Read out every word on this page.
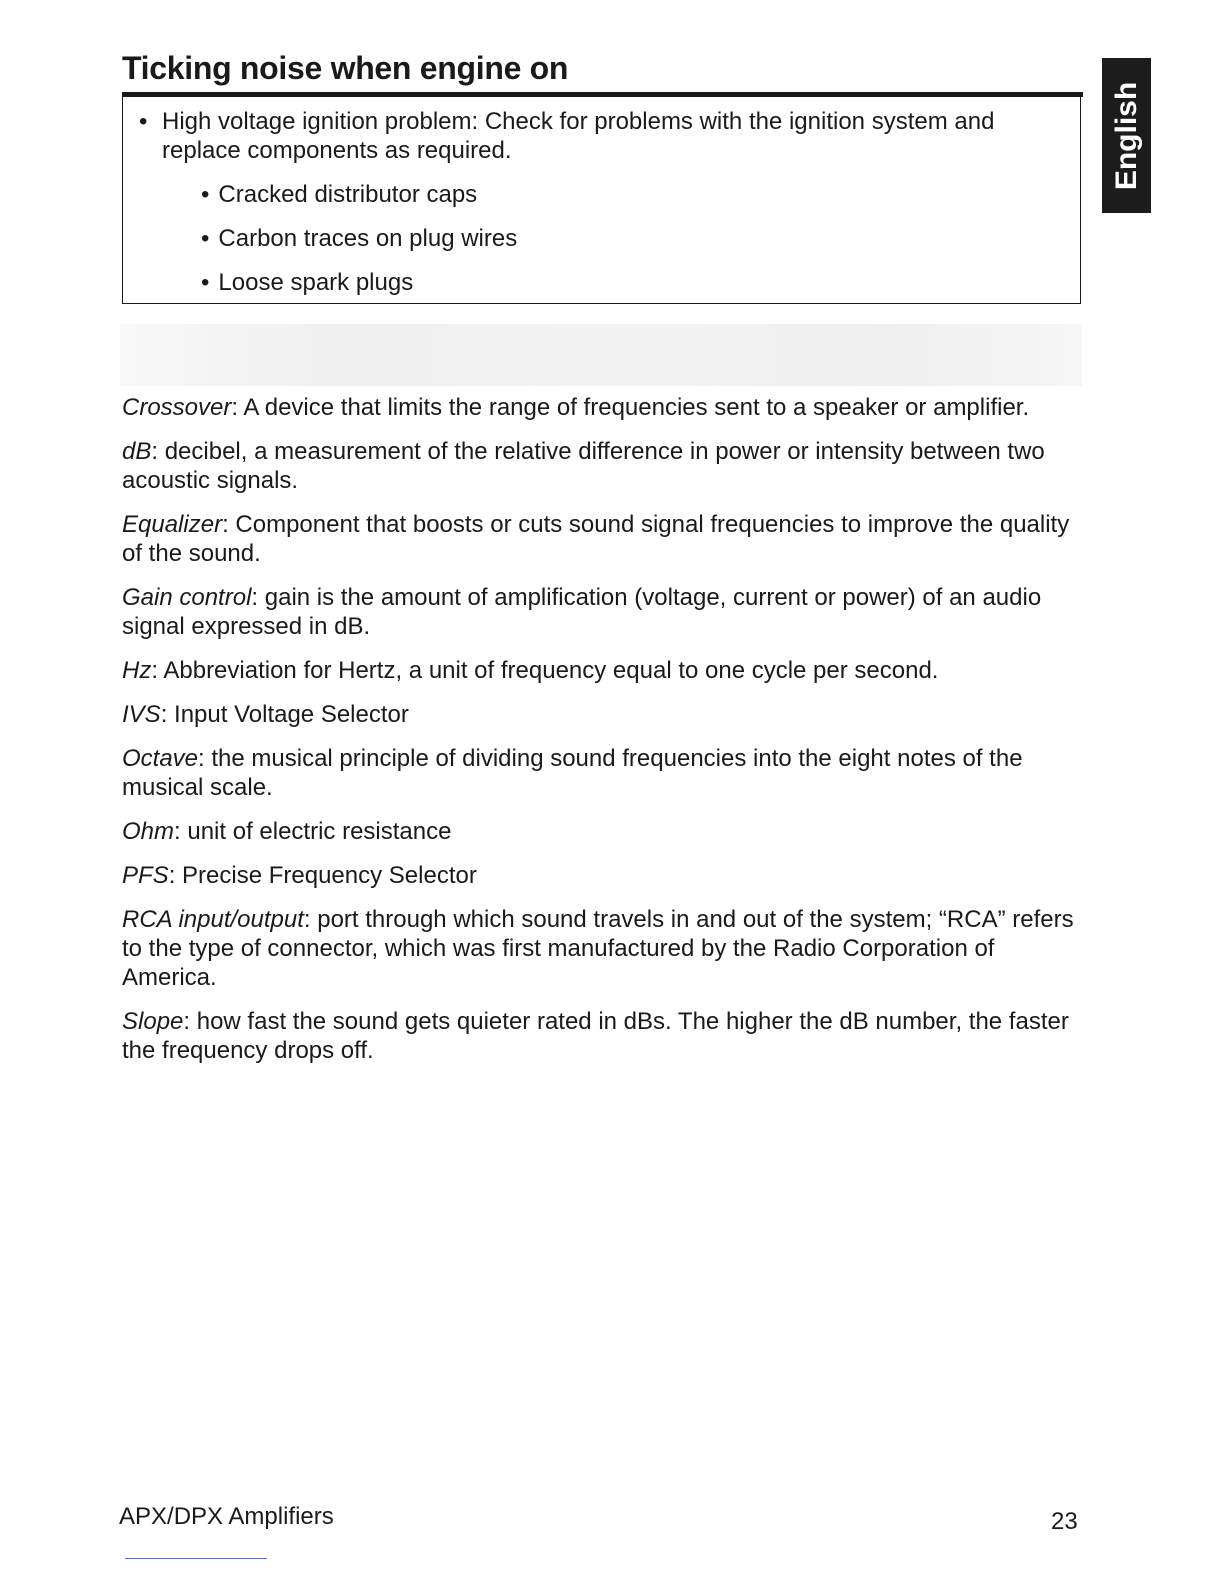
Ticking noise when engine on
• High voltage ignition problem: Check for problems with the ignition system and replace components as required.
• Cracked distributor caps
• Carbon traces on plug wires
• Loose spark plugs

Crossover: A device that limits the range of frequencies sent to a speaker or amplifier.

dB: decibel, a measurement of the relative difference in power or intensity between two acoustic signals.

Equalizer: Component that boosts or cuts sound signal frequencies to improve the quality of the sound.

Gain control: gain is the amount of amplification (voltage, current or power) of an audio signal expressed in dB.

Hz: Abbreviation for Hertz, a unit of frequency equal to one cycle per second.

IVS: Input Voltage Selector

Octave: the musical principle of dividing sound frequencies into the eight notes of the musical scale.

Ohm: unit of electric resistance

PFS: Precise Frequency Selector

RCA input/output: port through which sound travels in and out of the system; “RCA” refers to the type of connector, which was first manufactured by the Radio Corporation of America.

Slope: how fast the sound gets quieter rated in dBs. The higher the dB number, the faster the frequency drops off.

English
APX/DPX Amplifiers	23
